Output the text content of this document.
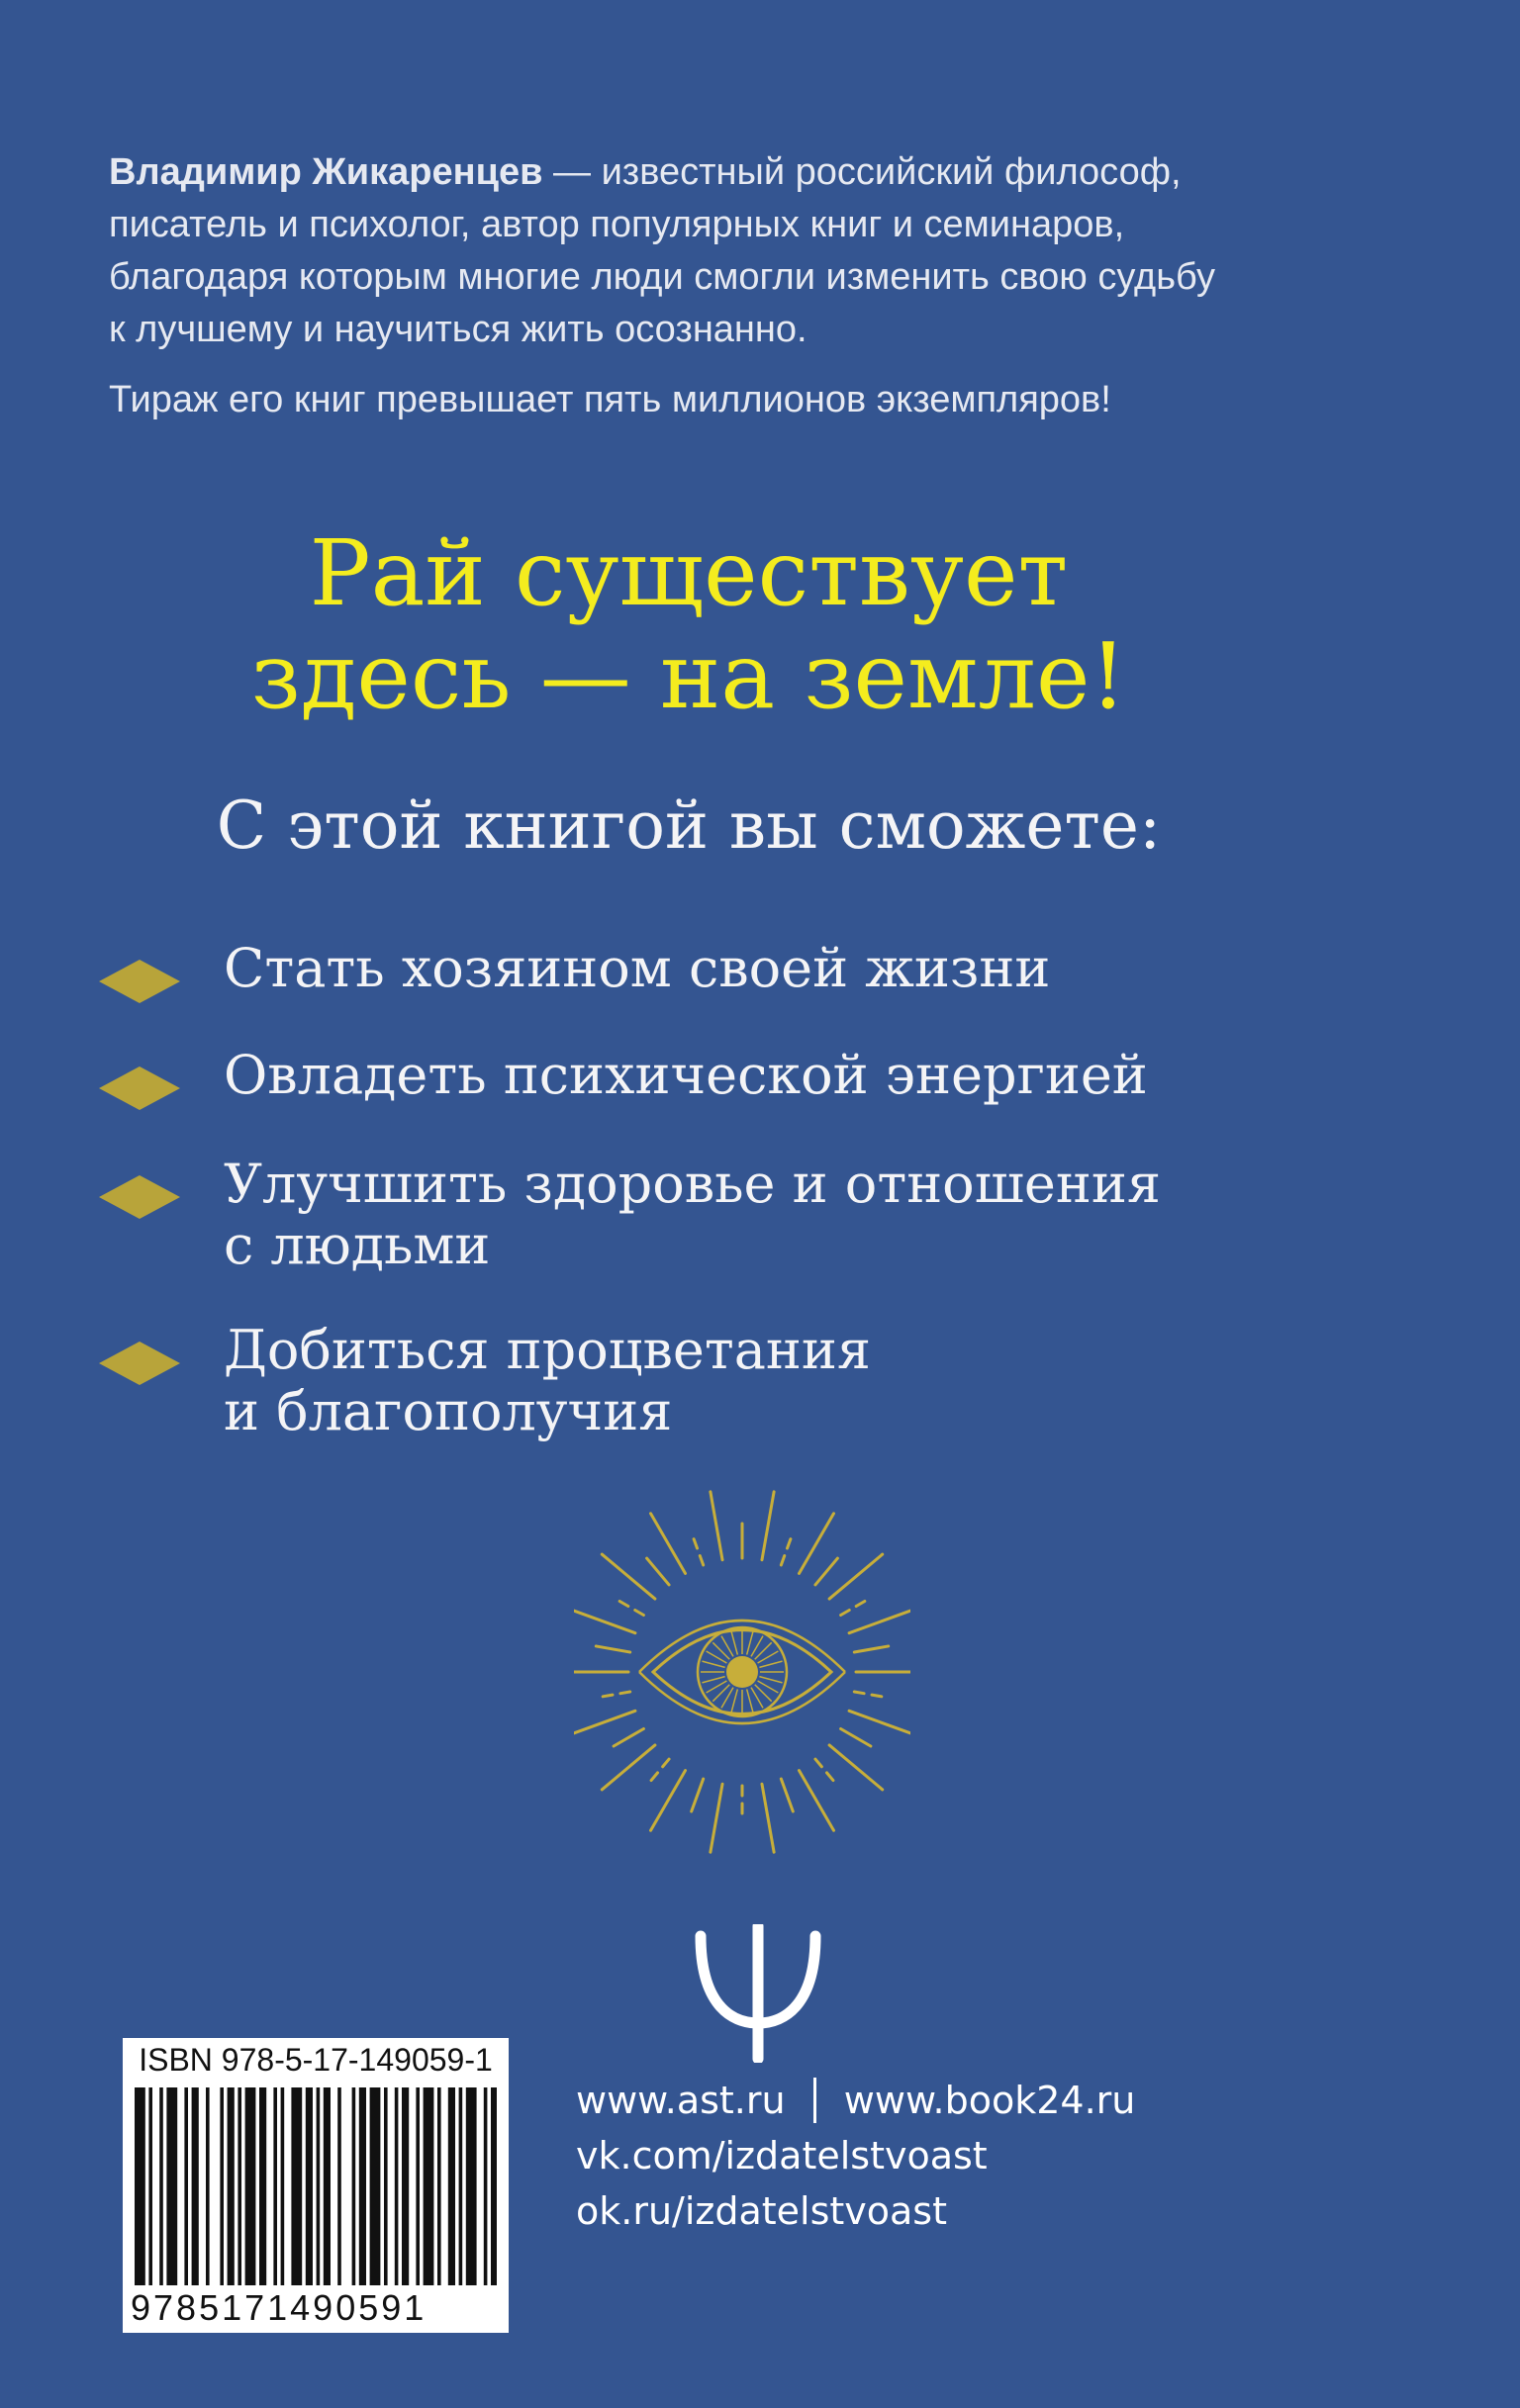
Владимир Жикаренцев — известный российский философ,
писатель и психолог, автор популярных книг и семинаров,
благодаря которым многие люди смогли изменить свою судьбу
к лучшему и научиться жить осознанно.
Тираж его книг превышает пять миллионов экземпляров!
Рай существует
здесь — на земле!
С этой книгой вы сможете:
Стать хозяином своей жизни
Овладеть психической энергией
Улучшить здоровье и отношения
с людьми
Добиться процветания
и благополучия
www.ast.ru www.book24.ru
vk.com/izdatelstvoast
ok.ru/izdatelstvoast
ISBN 978-5-17-149059-1
9785171490591
